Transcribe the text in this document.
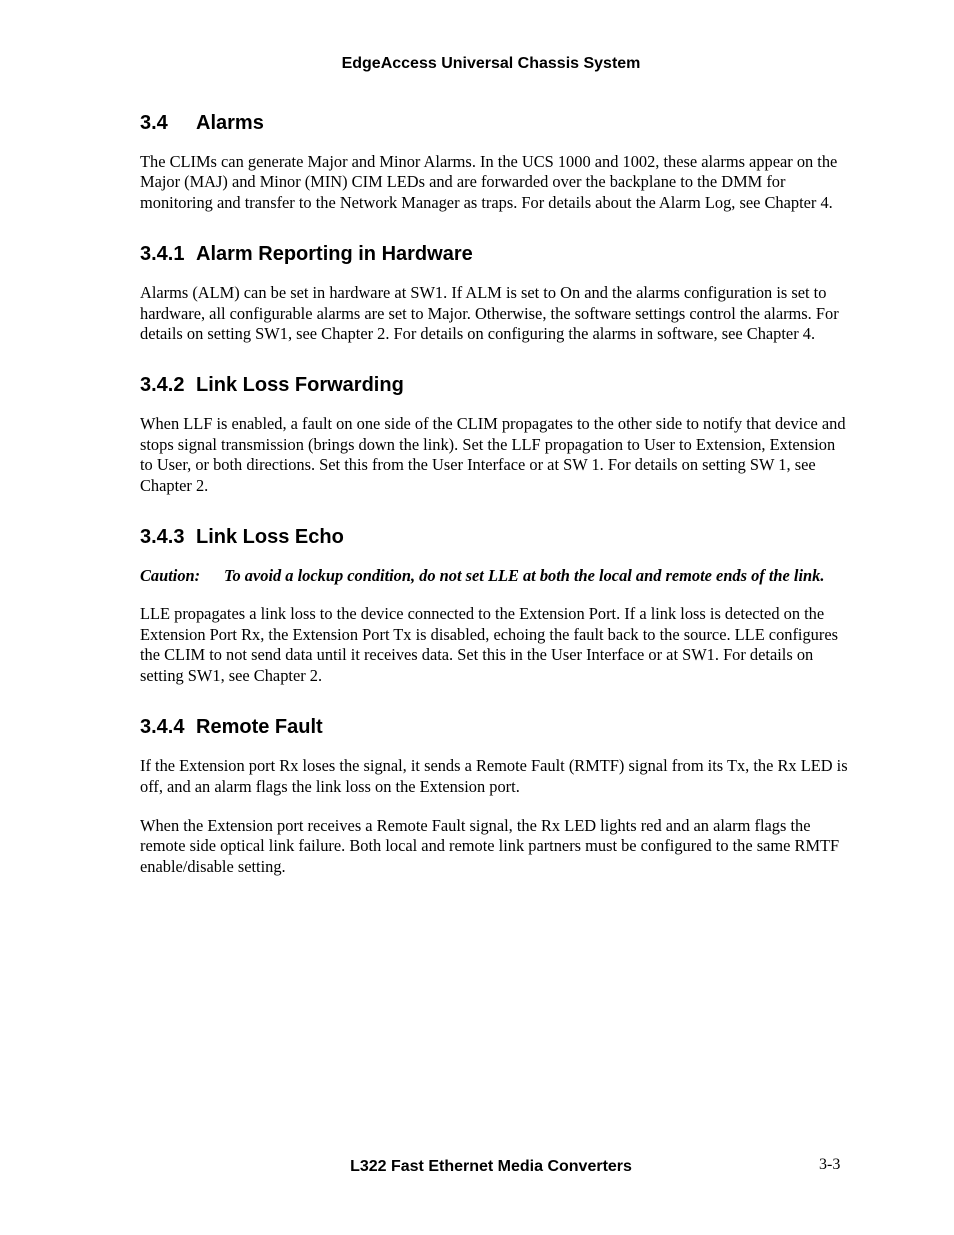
EdgeAccess Universal Chassis System
3.4	Alarms

The CLIMs can generate Major and Minor Alarms. In the UCS 1000 and 1002, these alarms appear on the Major (MAJ) and Minor (MIN) CIM LEDs and are forwarded over the backplane to the DMM for monitoring and transfer to the Network Manager as traps. For details about the Alarm Log, see Chapter 4.

3.4.1 Alarm Reporting in Hardware

Alarms (ALM) can be set in hardware at SW1. If ALM is set to On and the alarms configuration is set to hardware, all configurable alarms are set to Major. Otherwise, the software settings control the alarms. For details on setting SW1, see Chapter 2. For details on configuring the alarms in software, see Chapter 4.

3.4.2 Link Loss Forwarding

When LLF is enabled, a fault on one side of the CLIM propagates to the other side to notify that device and stops signal transmission (brings down the link). Set the LLF propagation to User to Extension, Extension to User, or both directions. Set this from the User Interface or at SW 1. For details on setting SW 1, see Chapter 2.

3.4.3 Link Loss Echo
Caution:	To avoid a lockup condition, do not set LLE at both the local and remote ends of the link.

LLE propagates a link loss to the device connected to the Extension Port. If a link loss is detected on the Extension Port Rx, the Extension Port Tx is disabled, echoing the fault back to the source. LLE configures the CLIM to not send data until it receives data. Set this in the User Interface or at SW1. For details on setting SW1, see Chapter 2.

3.4.4 Remote Fault

If the Extension port Rx loses the signal, it sends a Remote Fault (RMTF) signal from its Tx, the Rx LED is off, and an alarm flags the link loss on the Extension port.

When the Extension port receives a Remote Fault signal, the Rx LED lights red and an alarm flags the remote side optical link failure. Both local and remote link partners must be configured to the same RMTF enable/disable setting.

L322 Fast Ethernet Media Converters	3-3
